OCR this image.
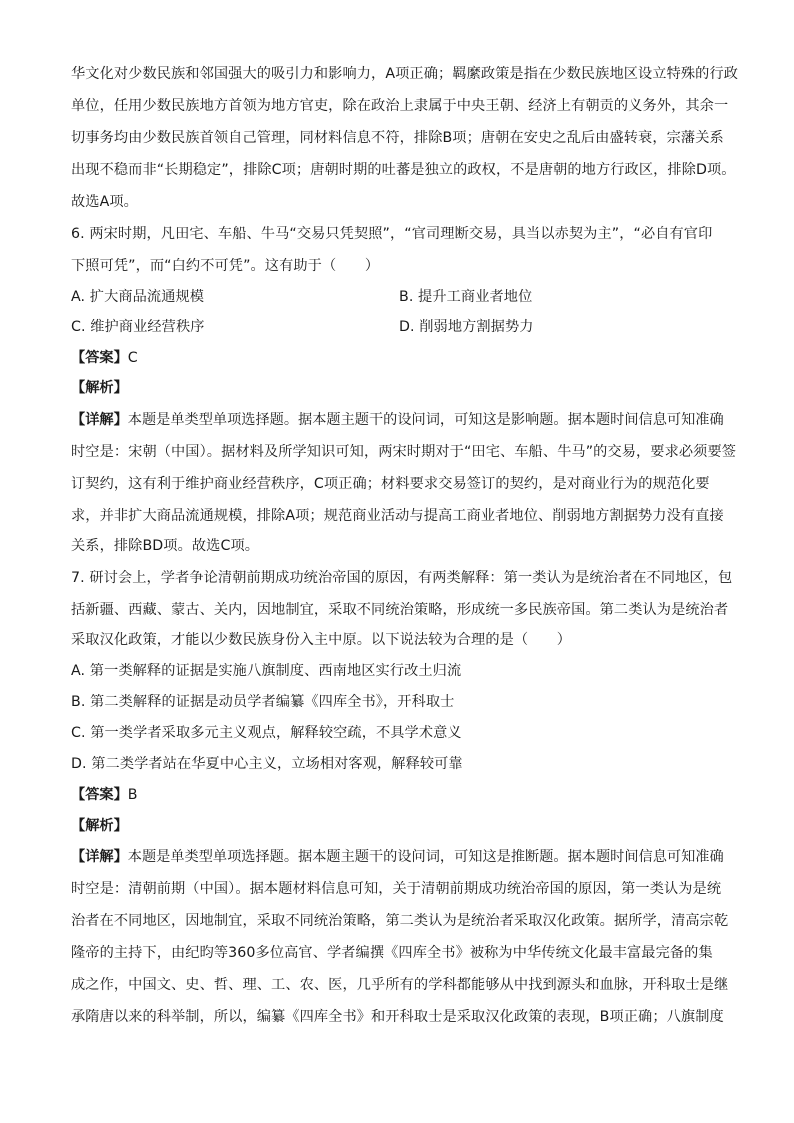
华文化对少数民族和邻国强大的吸引力和影响力，A项正确；羁縻政策是指在少数民族地区设立特殊的行政
单位，任用少数民族地方首领为地方官吏，除在政治上隶属于中央王朝、经济上有朝贡的义务外，其余一
切事务均由少数民族首领自己管理，同材料信息不符，排除B项；唐朝在安史之乱后由盛转衰，宗藩关系
出现不稳而非“长期稳定”，排除C项；唐朝时期的吐蕃是独立的政权，不是唐朝的地方行政区，排除D项。
故选A项。
6. 两宋时期，凡田宅、车船、牛马“交易只凭契照”，“官司理断交易，具当以赤契为主”，“必自有官印
下照可凭”，而“白约不可凭”。这有助于（　　）
A. 扩大商品流通规模	B. 提升工商业者地位
C. 维护商业经营秩序	D. 削弱地方割据势力
【答案】C
【解析】
【详解】本题是单类型单项选择题。据本题主题干的设问词，可知这是影响题。据本题时间信息可知准确
时空是：宋朝（中国）。据材料及所学知识可知，两宋时期对于“田宅、车船、牛马”的交易，要求必须要签
订契约，这有利于维护商业经营秩序，C项正确；材料要求交易签订的契约，是对商业行为的规范化要
求，并非扩大商品流通规模，排除A项；规范商业活动与提高工商业者地位、削弱地方割据势力没有直接
关系，排除BD项。故选C项。
7. 研讨会上，学者争论清朝前期成功统治帝国的原因，有两类解释：第一类认为是统治者在不同地区，包
括新疆、西藏、蒙古、关内，因地制宜，采取不同统治策略，形成统一多民族帝国。第二类认为是统治者
采取汉化政策，才能以少数民族身份入主中原。以下说法较为合理的是（　　）
A. 第一类解释的证据是实施八旗制度、西南地区实行改土归流
B. 第二类解释的证据是动员学者编纂《四库全书》，开科取士
C. 第一类学者采取多元主义观点，解释较空疏，不具学术意义
D. 第二类学者站在华夏中心主义，立场相对客观，解释较可靠
【答案】B
【解析】
【详解】本题是单类型单项选择题。据本题主题干的设问词，可知这是推断题。据本题时间信息可知准确
时空是：清朝前期（中国）。据本题材料信息可知，关于清朝前期成功统治帝国的原因，第一类认为是统
治者在不同地区，因地制宜，采取不同统治策略，第二类认为是统治者采取汉化政策。据所学，清高宗乾
隆帝的主持下，由纪昀等360多位高官、学者编撰《四库全书》被称为中华传统文化最丰富最完备的集
成之作，中国文、史、哲、理、工、农、医，几乎所有的学科都能够从中找到源头和血脉，开科取士是继
承隋唐以来的科举制，所以，编纂《四库全书》和开科取士是采取汉化政策的表现，B项正确；八旗制度
